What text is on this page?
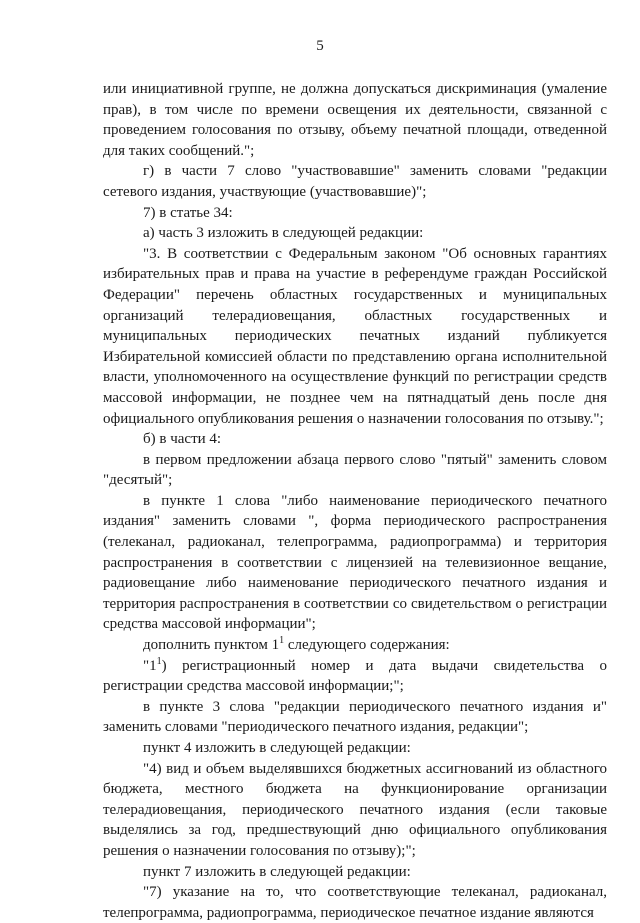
5

или инициативной группе, не должна допускаться дискриминация (умаление прав), в том числе по времени освещения их деятельности, связанной с проведением голосования по отзыву, объему печатной площади, отведенной для таких сообщений.";

г) в части 7 слово "участвовавшие" заменить словами "редакции сетевого издания, участвующие (участвовавшие)";

7) в статье 34:

а) часть 3 изложить в следующей редакции:

"3. В соответствии с Федеральным законом "Об основных гарантиях избирательных прав и права на участие в референдуме граждан Российской Федерации" перечень областных государственных и муниципальных организаций телерадиовещания, областных государственных и муниципальных периодических печатных изданий публикуется Избирательной комиссией области по представлению органа исполнительной власти, уполномоченного на осуществление функций по регистрации средств массовой информации, не позднее чем на пятнадцатый день после дня официального опубликования решения о назначении голосования по отзыву.";

б) в части 4:

в первом предложении абзаца первого слово "пятый" заменить словом "десятый";

в пункте 1 слова "либо наименование периодического печатного издания" заменить словами ", форма периодического распространения (телеканал, радиоканал, телепрограмма, радиопрограмма) и территория распространения в соответствии с лицензией на телевизионное вещание, радиовещание либо наименование периодического печатного издания и территория распространения в соответствии со свидетельством о регистрации средства массовой информации";

дополнить пунктом $1^1$ следующего содержания:

"$1^1$) регистрационный номер и дата выдачи свидетельства о регистрации средства массовой информации;";

в пункте 3 слова "редакции периодического печатного издания и" заменить словами "периодического печатного издания, редакции";

пункт 4 изложить в следующей редакции:

"4) вид и объем выделявшихся бюджетных ассигнований из областного бюджета, местного бюджета на функционирование организации телерадиовещания, периодического печатного издания (если таковые выделялись за год, предшествующий дню официального опубликования решения о назначении голосования по отзыву);";

пункт 7 изложить в следующей редакции:

"7) указание на то, что соответствующие телеканал, радиоканал, телепрограмма, радиопрограмма, периодическое печатное издание являются
